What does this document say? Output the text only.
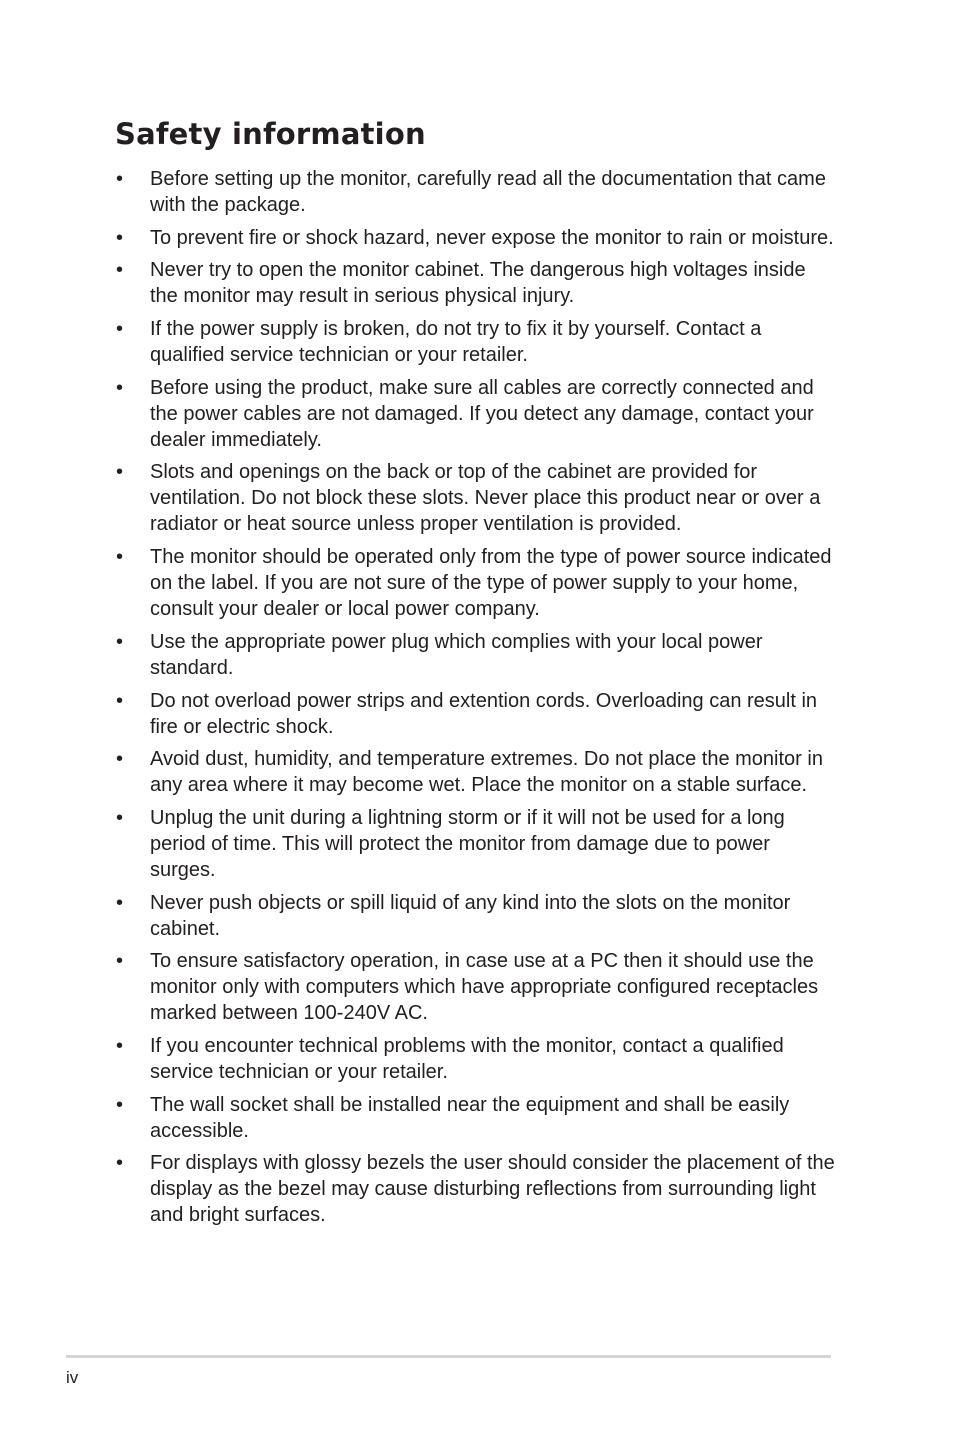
Safety information
• Before setting up the monitor, carefully read all the documentation that came with the package.
• To prevent fire or shock hazard, never expose the monitor to rain or moisture.
• Never try to open the monitor cabinet. The dangerous high voltages inside the monitor may result in serious physical injury.
• If the power supply is broken, do not try to fix it by yourself. Contact a qualified service technician or your retailer.
• Before using the product, make sure all cables are correctly connected and the power cables are not damaged. If you detect any damage, contact your dealer immediately.
• Slots and openings on the back or top of the cabinet are provided for ventilation. Do not block these slots. Never place this product near or over a radiator or heat source unless proper ventilation is provided.
• The monitor should be operated only from the type of power source indicated on the label. If you are not sure of the type of power supply to your home, consult your dealer or local power company.
• Use the appropriate power plug which complies with your local power standard.
• Do not overload power strips and extention cords. Overloading can result in fire or electric shock.
• Avoid dust, humidity, and temperature extremes. Do not place the monitor in any area where it may become wet. Place the monitor on a stable surface.
• Unplug the unit during a lightning storm or if it will not be used for a long period of time. This will protect the monitor from damage due to power surges.
• Never push objects or spill liquid of any kind into the slots on the monitor cabinet.
• To ensure satisfactory operation, in case use at a PC then it should use the monitor only with computers which have appropriate configured receptacles marked between 100-240V AC.
• If you encounter technical problems with the monitor, contact a qualified service technician or your retailer.
• The wall socket shall be installed near the equipment and shall be easily accessible.
• For displays with glossy bezels the user should consider the placement of the display as the bezel may cause disturbing reflections from surrounding light and bright surfaces.
iv
